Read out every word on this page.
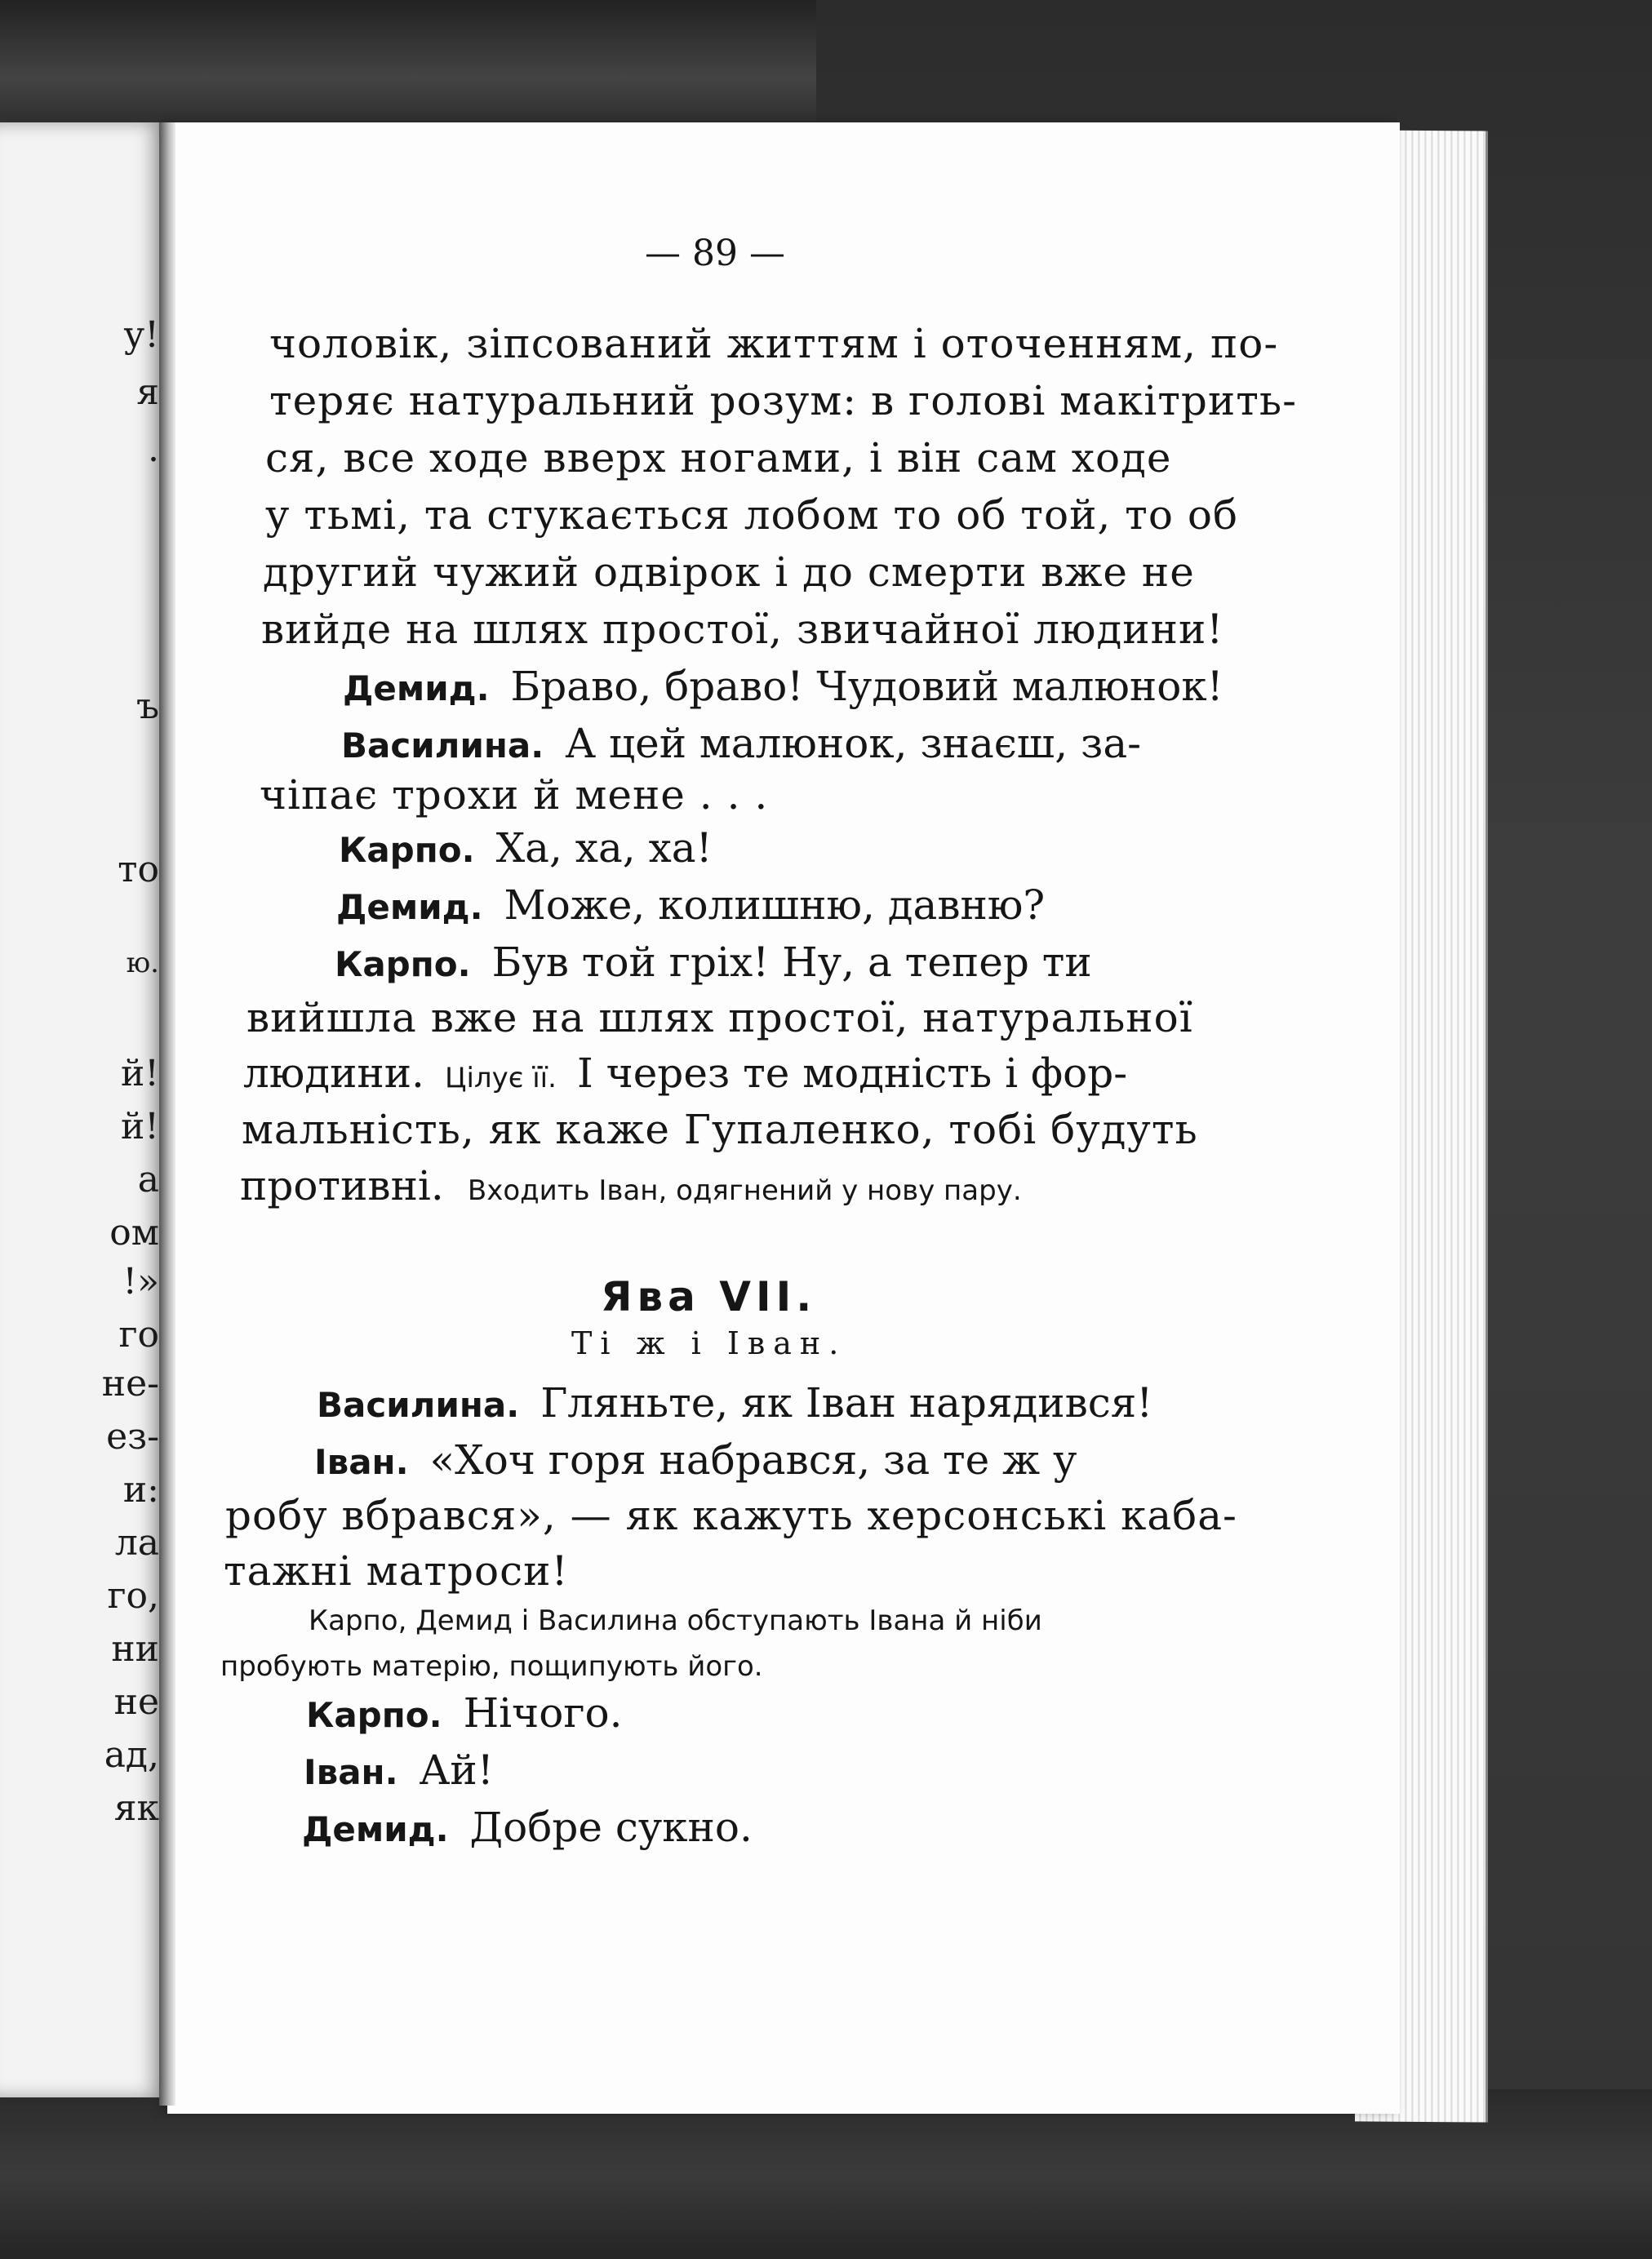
у!
я
.
ъ
то
ю.
й!
й!
а
ом
!»
го
не-
ез-
и:
ла
го,
ни
не
ад,
як
— 89 —
чоловік, зіпсований життям і оточенням, по-
теряє натуральний розум: в голові макітрить-
ся, все ходе вверх ногами, і він сам ходе
у тьмі, та стукається лобом то об той, то об
другий чужий одвірок і до смерти вже не
вийде на шлях простої, звичайної людини!
Демид. Браво, браво! Чудовий малюнок!
Василина. А цей малюнок, знаєш, за-
чіпає трохи й мене . . .
Карпо. Ха, ха, ха!
Демид. Може, колишню, давню?
Карпо. Був той гріх! Ну, а тепер ти
вийшла вже на шлях простої, натуральної
людини. Цілує її. І через те модність і фор-
мальність, як каже Гупаленко, тобі будуть
противні. Входить Іван, одягнений у нову пару.
Ява VII.
Ті ж і Іван.
Василина. Гляньте, як Іван нарядився!
Іван. «Хоч горя набрався, за те ж у
робу вбрався», — як кажуть херсонські каба-
тажні матроси!
Карпо, Демид і Василина обступають Івана й ніби
пробують матерію, пощипують його.
Карпо. Нічого.
Іван. Ай!
Демид. Добре сукно.
